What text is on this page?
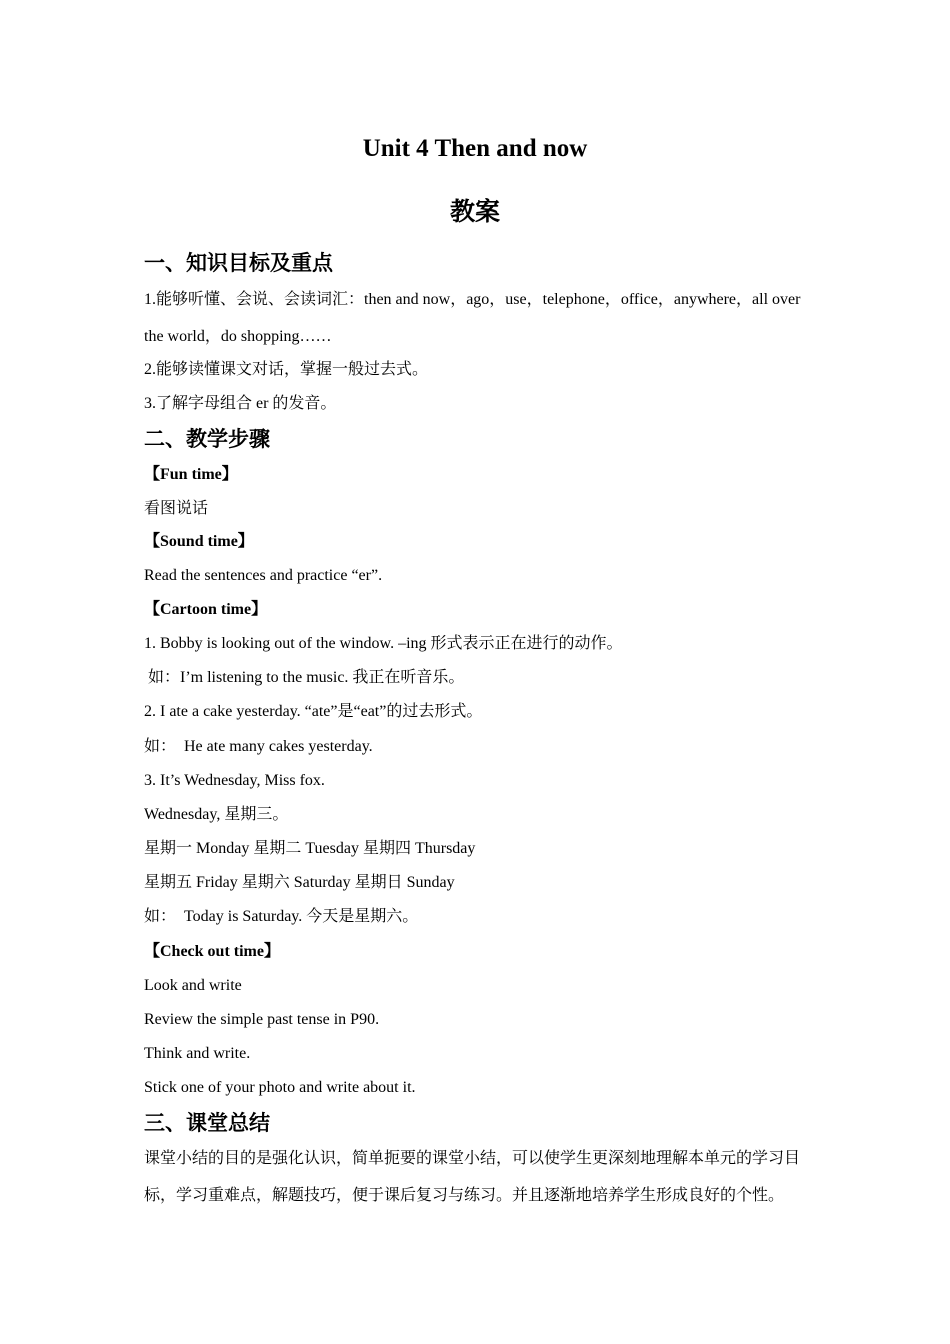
Unit 4 Then and now
教案
一、知识目标及重点
1.能够听懂、会说、会读词汇：then and now，ago，use，telephone，office，anywhere，all over the world，do shopping……
2.能够读懂课文对话，掌握一般过去式。
3.了解字母组合 er 的发音。
二、教学步骤
【Fun time】
看图说话
【Sound time】
Read the sentences and practice “er”.
【Cartoon time】
1. Bobby is looking out of the window. –ing 形式表示正在进行的动作。
如：I’m listening to the music. 我正在听音乐。
2. I ate a cake yesterday. “ate”是“eat”的过去形式。
如：  He ate many cakes yesterday.
3. It’s Wednesday, Miss fox.
Wednesday, 星期三。
星期一 Monday 星期二 Tuesday 星期四 Thursday
星期五 Friday 星期六 Saturday 星期日 Sunday
如：  Today is Saturday. 今天是星期六。
【Check out time】
Look and write
Review the simple past tense in P90.
Think and write.
Stick one of your photo and write about it.
三、课堂总结
课堂小结的目的是强化认识，简单扼要的课堂小结，可以使学生更深刻地理解本单元的学习目标，学习重难点，解题技巧，便于课后复习与练习。并且逐渐地培养学生形成良好的个性。
